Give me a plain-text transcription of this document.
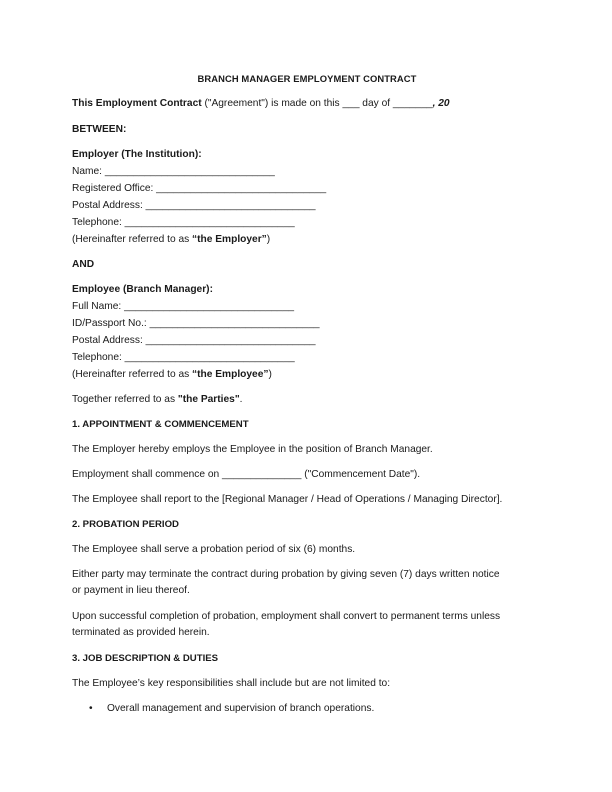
BRANCH MANAGER EMPLOYMENT CONTRACT
This Employment Contract ("Agreement") is made on this ___ day of _______, 20
BETWEEN:
Employer (The Institution):
Name: ______________________________
Registered Office: ______________________________
Postal Address: ______________________________
Telephone: ______________________________
(Hereinafter referred to as “the Employer”)
AND
Employee (Branch Manager):
Full Name: ______________________________
ID/Passport No.: ______________________________
Postal Address: ______________________________
Telephone: ______________________________
(Hereinafter referred to as “the Employee”)
Together referred to as "the Parties".
1. APPOINTMENT & COMMENCEMENT
The Employer hereby employs the Employee in the position of Branch Manager.
Employment shall commence on ______________ ("Commencement Date").
The Employee shall report to the [Regional Manager / Head of Operations / Managing Director].
2. PROBATION PERIOD
The Employee shall serve a probation period of six (6) months.
Either party may terminate the contract during probation by giving seven (7) days written notice
or payment in lieu thereof.
Upon successful completion of probation, employment shall convert to permanent terms unless
terminated as provided herein.
3. JOB DESCRIPTION & DUTIES
The Employee’s key responsibilities shall include but are not limited to:
• Overall management and supervision of branch operations.
